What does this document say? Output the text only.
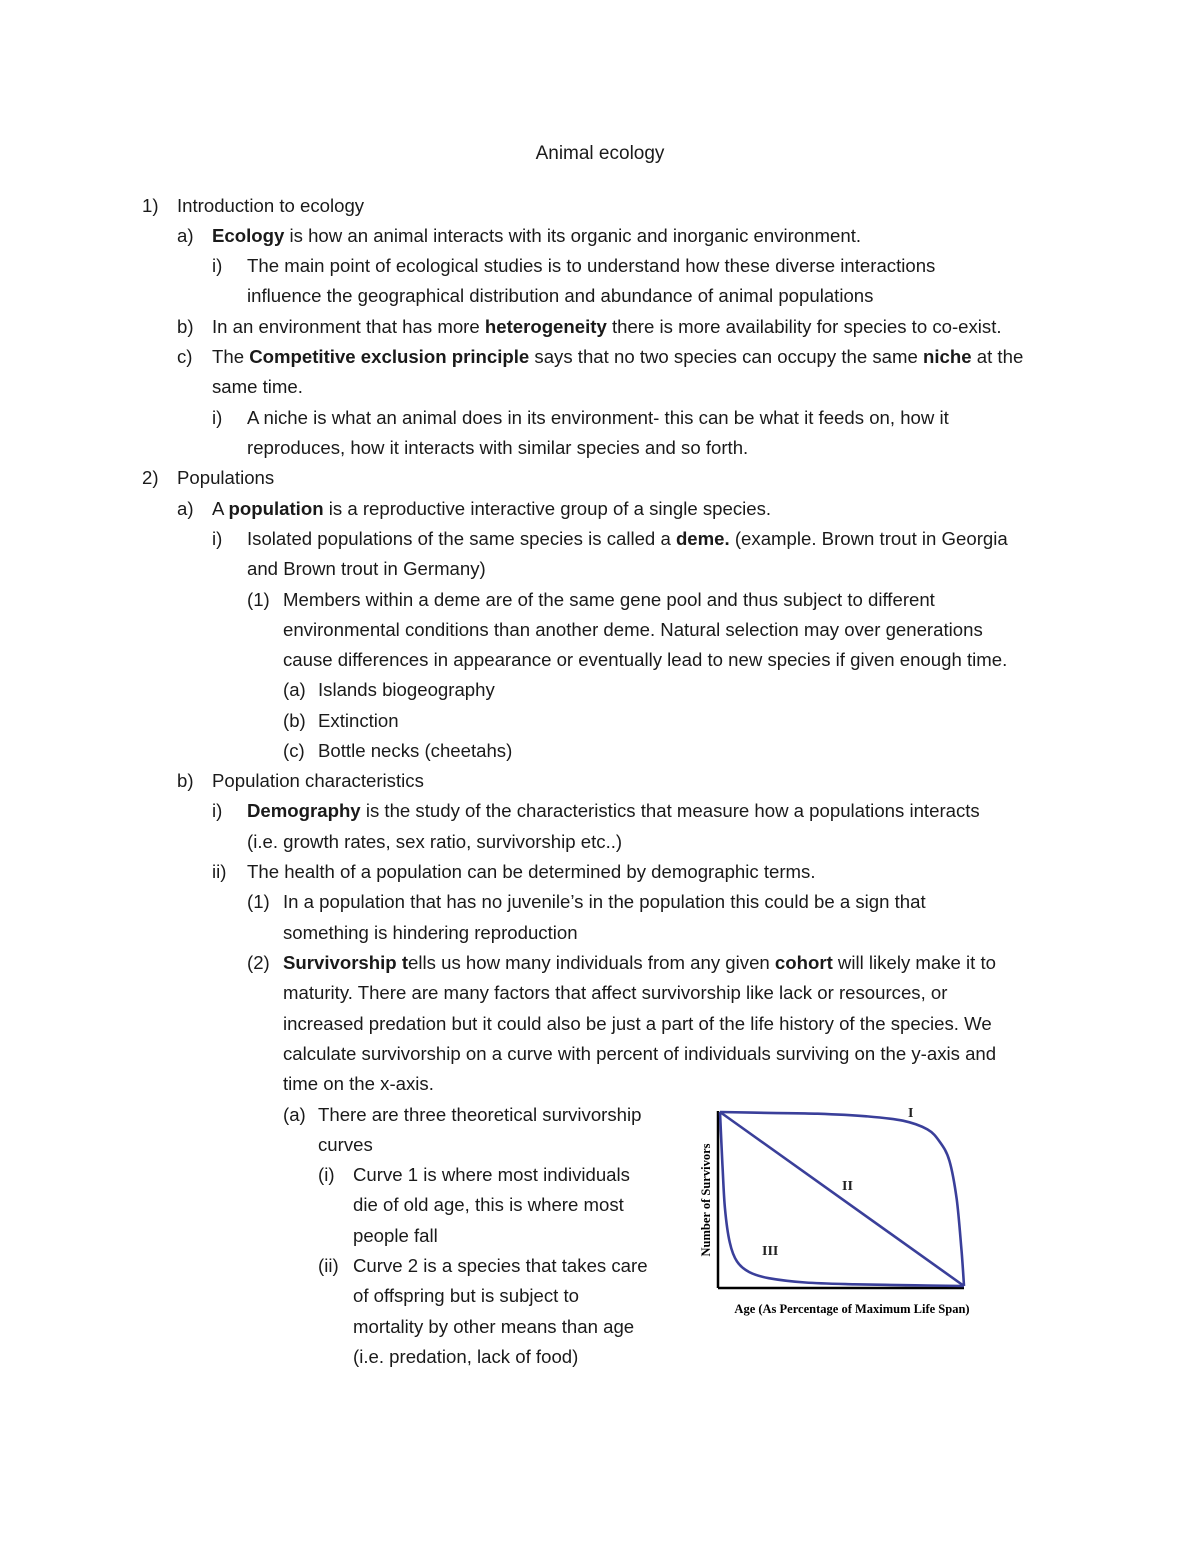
Animal ecology
1) Introduction to ecology
a) Ecology is how an animal interacts with its organic and inorganic environment.
i) The main point of ecological studies is to understand how these diverse interactions
influence the geographical distribution and abundance of animal populations
b) In an environment that has more heterogeneity there is more availability for species to co-exist.
c) The Competitive exclusion principle says that no two species can occupy the same niche at the
same time.
i) A niche is what an animal does in its environment- this can be what it feeds on, how it
reproduces, how it interacts with similar species and so forth.
2) Populations
a) A population is a reproductive interactive group of a single species.
i) Isolated populations of the same species is called a deme. (example. Brown trout in Georgia
and Brown trout in Germany)
(1) Members within a deme are of the same gene pool and thus subject to different
environmental conditions than another deme. Natural selection may over generations
cause differences in appearance or eventually lead to new species if given enough time.
(a) Islands biogeography
(b) Extinction
(c) Bottle necks (cheetahs)
b) Population characteristics
i) Demography is the study of the characteristics that measure how a populations interacts
(i.e. growth rates, sex ratio, survivorship etc..)
ii) The health of a population can be determined by demographic terms.
(1) In a population that has no juvenile’s in the population this could be a sign that
something is hindering reproduction
(2) Survivorship tells us how many individuals from any given cohort will likely make it to
maturity. There are many factors that affect survivorship like lack or resources, or
increased predation but it could also be just a part of the life history of the species. We
calculate survivorship on a curve with percent of individuals surviving on the y-axis and
time on the x-axis.
(a) There are three theoretical survivorship
curves
(i) Curve 1 is where most individuals
die of old age, this is where most
people fall
(ii) Curve 2 is a species that takes care
of offspring but is subject to
mortality by other means than age
(i.e. predation, lack of food)
I
II
III
Number of Survivors
Age (As Percentage of Maximum Life Span)
